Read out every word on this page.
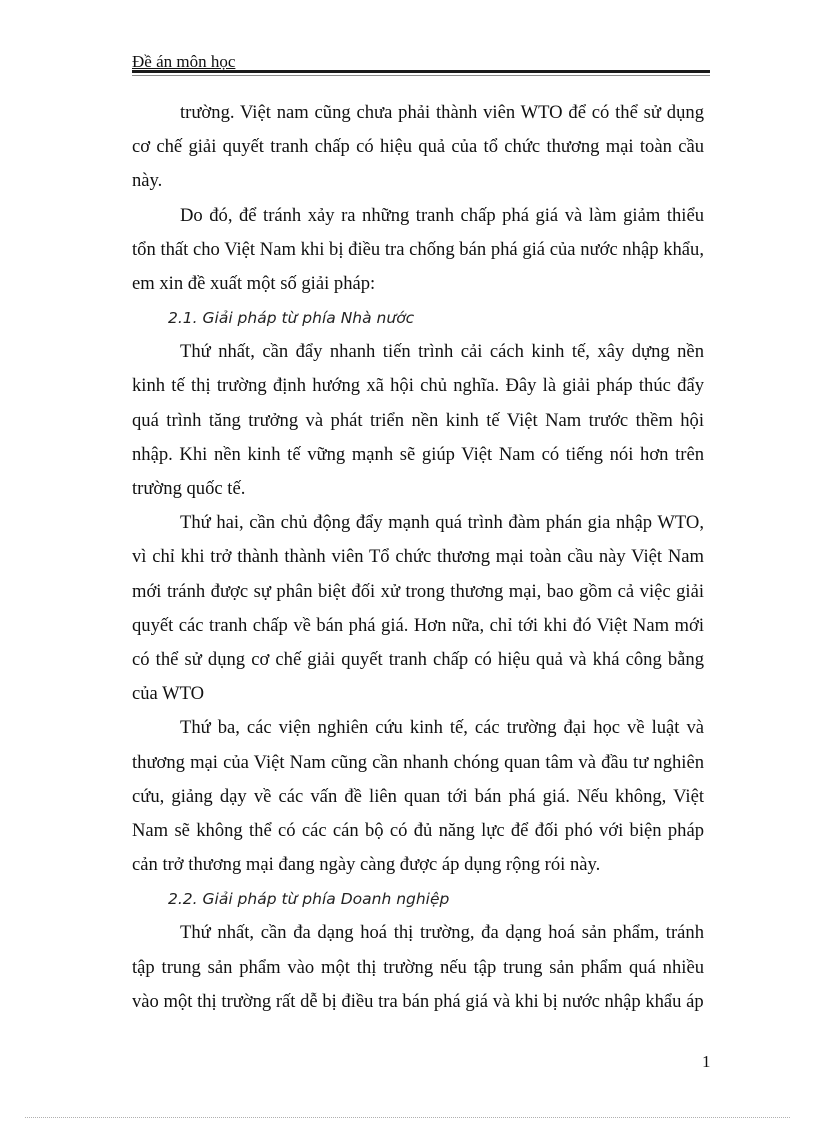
Đề án môn học

trường. Việt nam cũng chưa phải thành viên WTO để có thể sử dụng cơ chế giải quyết tranh chấp có hiệu quả của tổ chức thương mại toàn cầu này.

Do đó, để tránh xảy ra những tranh chấp phá giá và làm giảm thiểu tổn thất cho Việt Nam khi bị điều tra chống bán phá giá của nước nhập khẩu, em xin đề xuất một số giải pháp:

2.1. Giải pháp từ phía Nhà nước

Thứ nhất, cần đẩy nhanh tiến trình cải cách kinh tế, xây dựng nền kinh tế thị trường định hướng xã hội chủ nghĩa. Đây là giải pháp thúc đẩy quá trình tăng trưởng và phát triển nền kinh tế Việt Nam trước thềm hội nhập. Khi nền kinh tế vững mạnh sẽ giúp Việt Nam có tiếng nói hơn trên trường quốc tế.

Thứ hai, cần chủ động đẩy mạnh quá trình đàm phán gia nhập WTO, vì chỉ khi trở thành thành viên Tổ chức thương mại toàn cầu này Việt Nam mới tránh được sự phân biệt đối xử trong thương mại, bao gồm cả việc giải quyết các tranh chấp về bán phá giá. Hơn nữa, chỉ tới khi đó Việt Nam mới có thể sử dụng cơ chế giải quyết tranh chấp có hiệu quả và khá công bằng của WTO

Thứ ba, các viện nghiên cứu kinh tế, các trường đại học về luật và thương mại của Việt Nam cũng cần nhanh chóng quan tâm và đầu tư nghiên cứu, giảng dạy về các vấn đề liên quan tới bán phá giá. Nếu không, Việt Nam sẽ không thể có các cán bộ có đủ năng lực để đối phó với biện pháp cản trở thương mại đang ngày càng được áp dụng rộng rói này.

2.2. Giải pháp từ phía Doanh nghiệp

Thứ nhất, cần đa dạng hoá thị trường, đa dạng hoá sản phẩm, tránh tập trung sản phẩm vào một thị trường nếu tập trung sản phẩm quá nhiều vào một thị trường rất dễ bị điều tra bán phá giá và khi bị nước nhập khẩu áp

1
